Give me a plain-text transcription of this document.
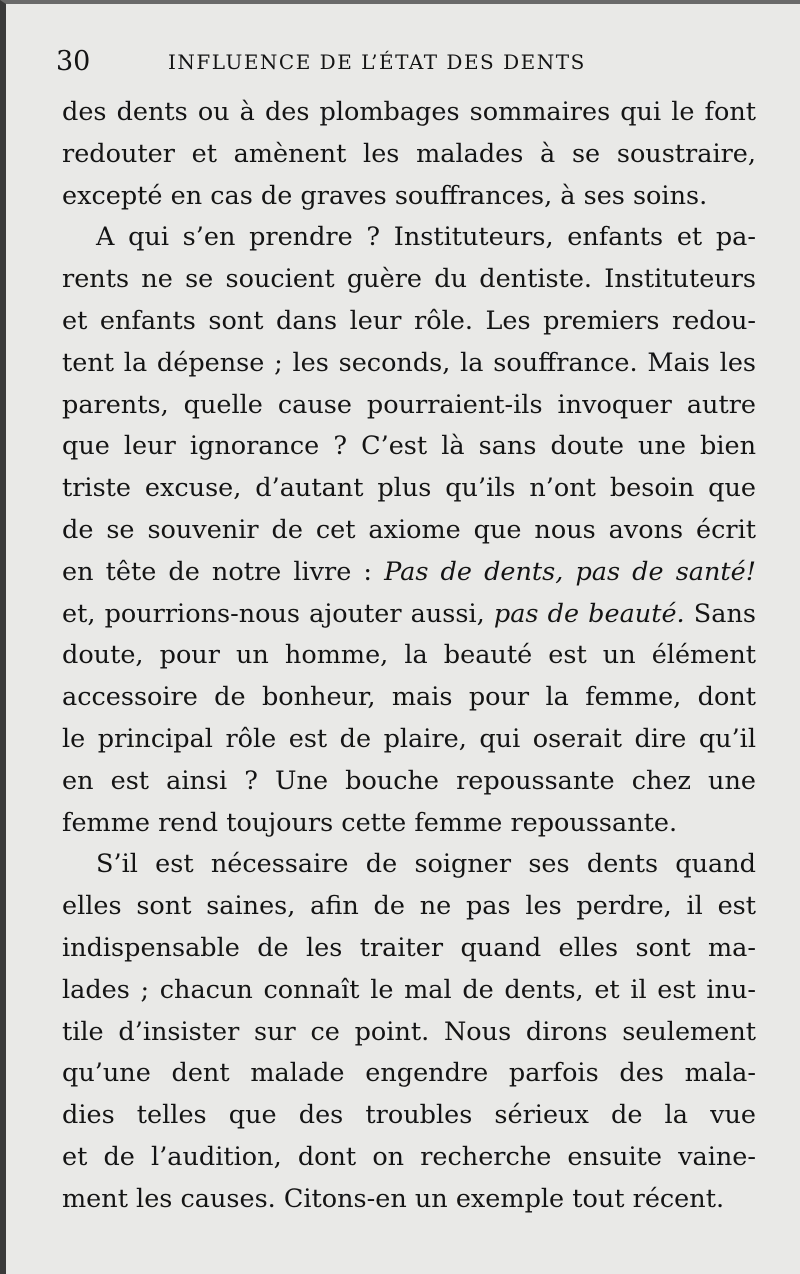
30	INFLUENCE DE L’ÉTAT DES DENTS
des dents ou à des plombages sommaires qui le font
redouter et amènent les malades à se soustraire,
excepté en cas de graves souffrances, à ses soins.
A qui s’en prendre ? Instituteurs, enfants et pa-
rents ne se soucient guère du dentiste. Instituteurs
et enfants sont dans leur rôle. Les premiers redou-
tent la dépense ; les seconds, la souffrance. Mais les
parents, quelle cause pourraient-ils invoquer autre
que leur ignorance ? C’est là sans doute une bien
triste excuse, d’autant plus qu’ils n’ont besoin que
de se souvenir de cet axiome que nous avons écrit
en tête de notre livre : Pas de dents, pas de santé!
et, pourrions-nous ajouter aussi, pas de beauté. Sans
doute, pour un homme, la beauté est un élément
accessoire de bonheur, mais pour la femme, dont
le principal rôle est de plaire, qui oserait dire qu’il
en est ainsi ? Une bouche repoussante chez une
femme rend toujours cette femme repoussante.
S’il est nécessaire de soigner ses dents quand
elles sont saines, afin de ne pas les perdre, il est
indispensable de les traiter quand elles sont ma-
lades ; chacun connaît le mal de dents, et il est inu-
tile d’insister sur ce point. Nous dirons seulement
qu’une dent malade engendre parfois des mala-
dies telles que des troubles sérieux de la vue
et de l’audition, dont on recherche ensuite vaine-
ment les causes. Citons-en un exemple tout récent.
